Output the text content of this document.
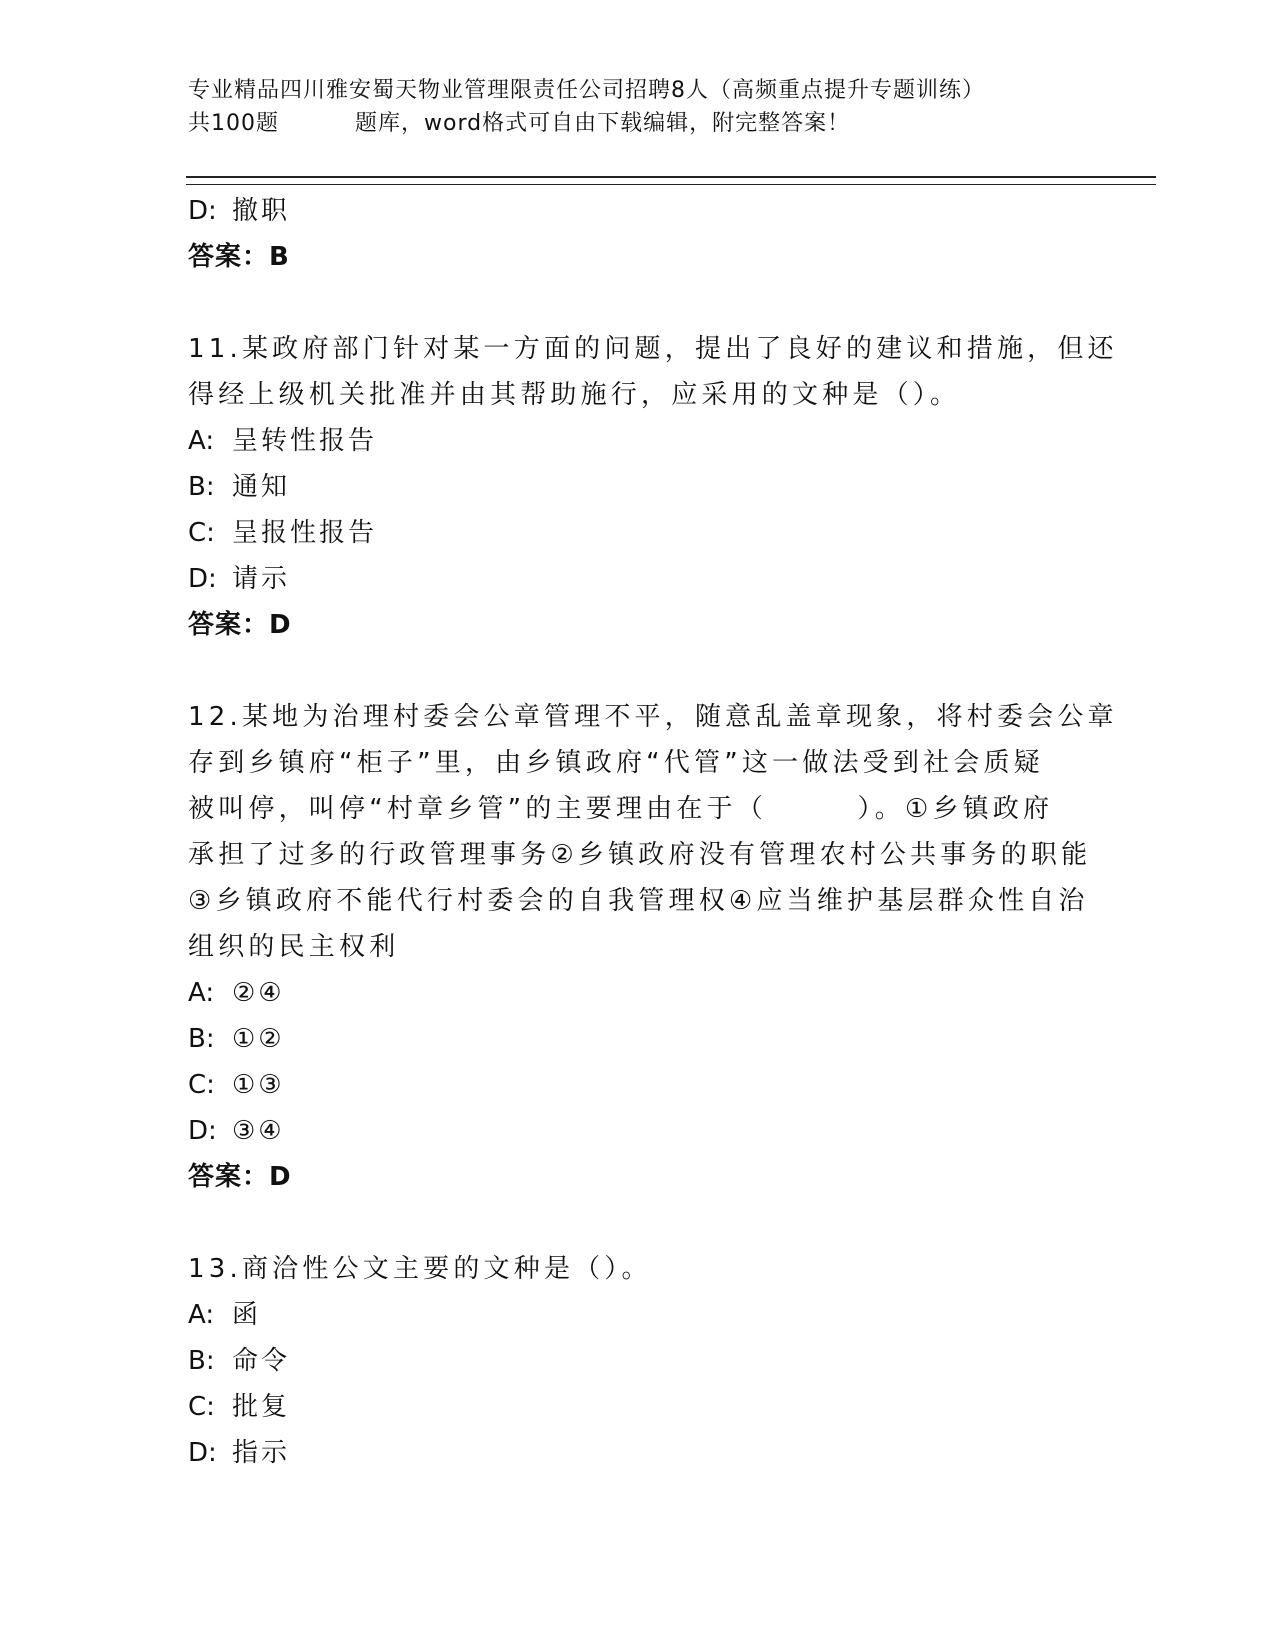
专业精品四川雅安蜀天物业管理限责任公司招聘8人（高频重点提升专题训练）
共100题	题库，word格式可自由下载编辑，附完整答案！
D: 撤职
答案：B
11.某政府部门针对某一方面的问题，提出了良好的建议和措施，但还
得经上级机关批准并由其帮助施行，应采用的文种是（）。
A: 呈转性报告
B: 通知
C: 呈报性报告
D: 请示
答案：D
12.某地为治理村委会公章管理不平，随意乱盖章现象，将村委会公章
存到乡镇府“柜子”里，由乡镇政府“代管”这一做法受到社会质疑
被叫停，叫停“村章乡管”的主要理由在于（　　　）。①乡镇政府
承担了过多的行政管理事务②乡镇政府没有管理农村公共事务的职能
③乡镇政府不能代行村委会的自我管理权④应当维护基层群众性自治
组织的民主权利
A: ②④
B: ①②
C: ①③
D: ③④
答案：D
13.商洽性公文主要的文种是（）。
A: 函
B: 命令
C: 批复
D: 指示
